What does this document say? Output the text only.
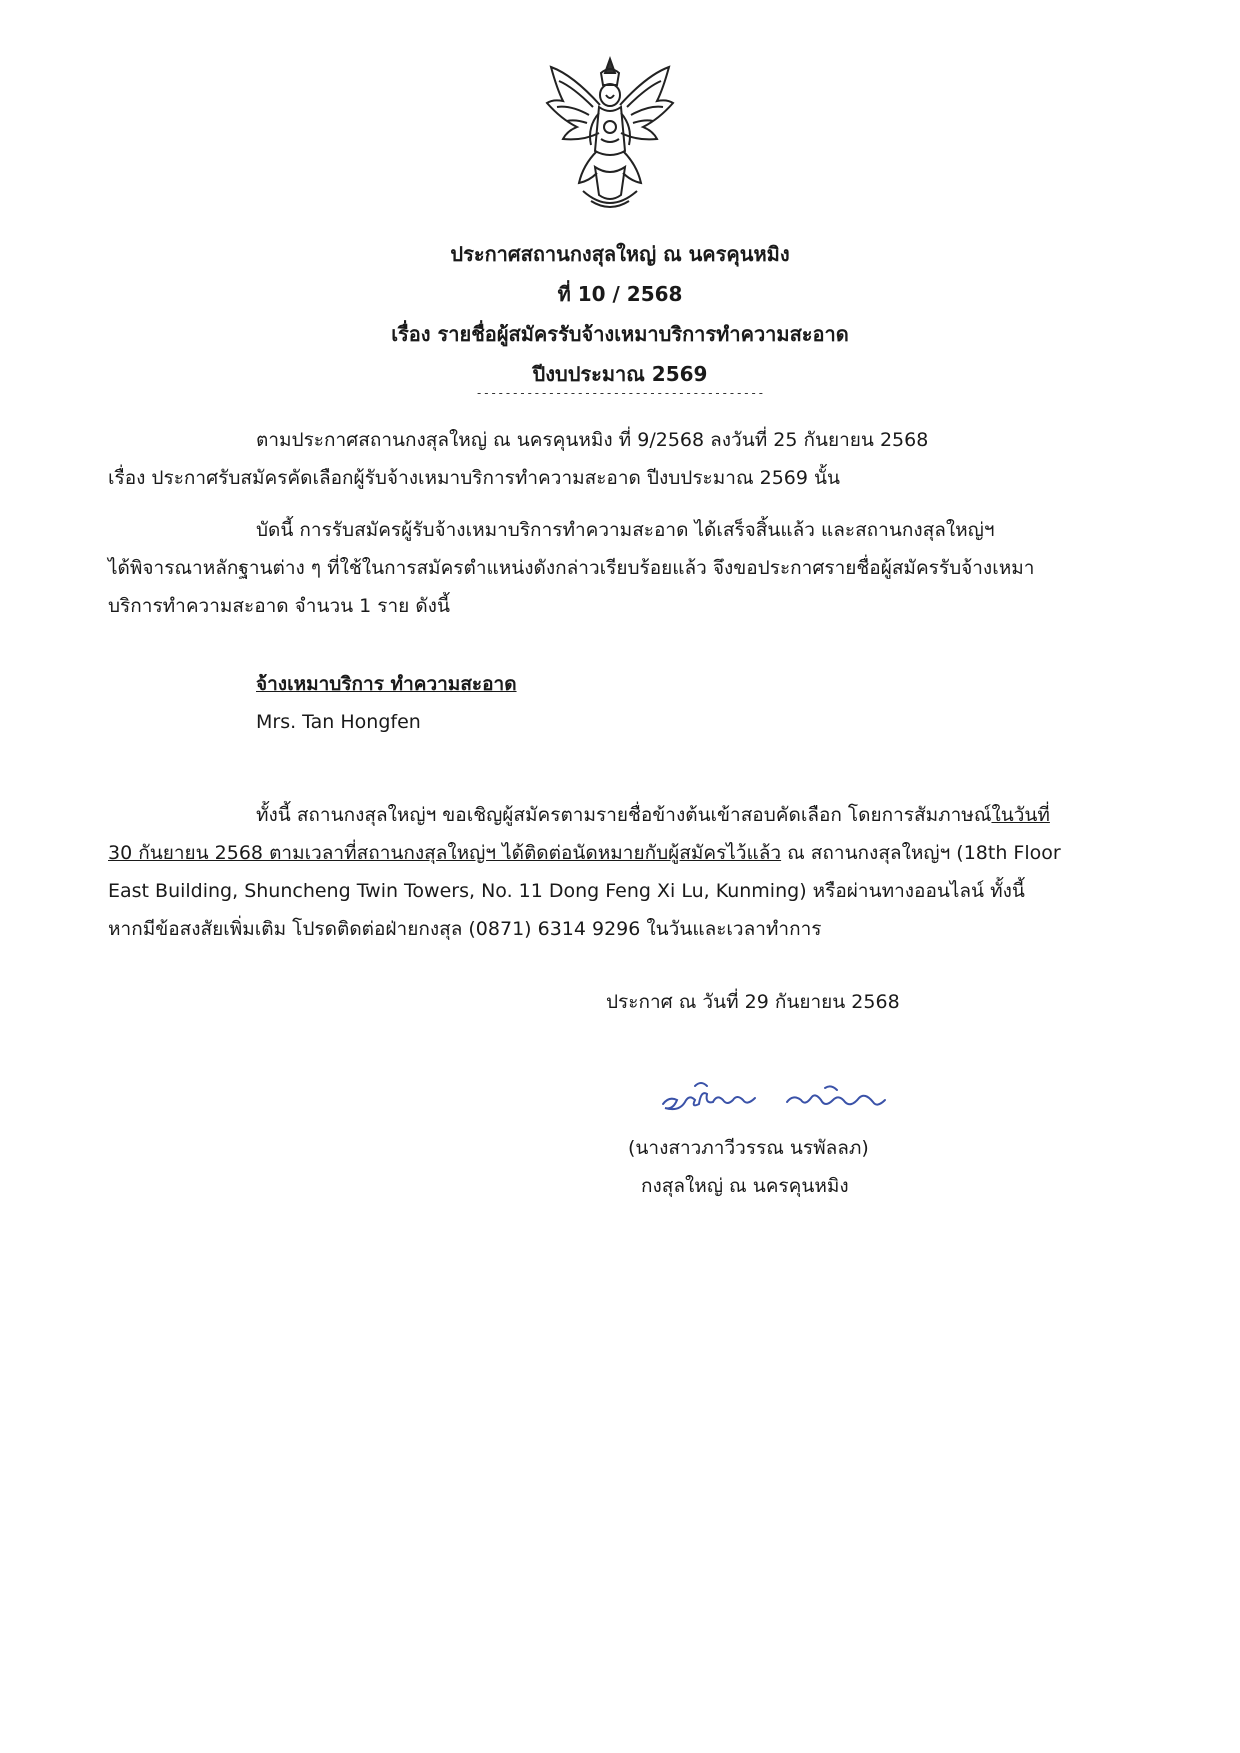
ประกาศสถานกงสุลใหญ่ ณ นครคุนหมิง
ที่ 10 / 2568
เรื่อง รายชื่อผู้สมัครรับจ้างเหมาบริการทำความสะอาด
ปีงบประมาณ 2569
----------------------------------------
ตามประกาศสถานกงสุลใหญ่ ณ นครคุนหมิง ที่ 9/2568 ลงวันที่ 25 กันยายน 2568
เรื่อง ประกาศรับสมัครคัดเลือกผู้รับจ้างเหมาบริการทำความสะอาด ปีงบประมาณ 2569 นั้น
บัดนี้ การรับสมัครผู้รับจ้างเหมาบริการทำความสะอาด ได้เสร็จสิ้นแล้ว และสถานกงสุลใหญ่ฯ
ได้พิจารณาหลักฐานต่าง ๆ ที่ใช้ในการสมัครตำแหน่งดังกล่าวเรียบร้อยแล้ว จึงขอประกาศรายชื่อผู้สมัครรับจ้างเหมา
บริการทำความสะอาด จำนวน 1 ราย ดังนี้
จ้างเหมาบริการ ทำความสะอาด
Mrs. Tan Hongfen
ทั้งนี้ สถานกงสุลใหญ่ฯ ขอเชิญผู้สมัครตามรายชื่อข้างต้นเข้าสอบคัดเลือก โดยการสัมภาษณ์ในวันที่
30 กันยายน 2568 ตามเวลาที่สถานกงสุลใหญ่ฯ ได้ติดต่อนัดหมายกับผู้สมัครไว้แล้ว ณ สถานกงสุลใหญ่ฯ (18th Floor
East Building, Shuncheng Twin Towers, No. 11 Dong Feng Xi Lu, Kunming) หรือผ่านทางออนไลน์ ทั้งนี้
หากมีข้อสงสัยเพิ่มเติม โปรดติดต่อฝ่ายกงสุล (0871) 6314 9296 ในวันและเวลาทำการ
ประกาศ ณ วันที่ 29 กันยายน 2568
(นางสาวภาวีวรรณ นรพัลลภ)
กงสุลใหญ่ ณ นครคุนหมิง
